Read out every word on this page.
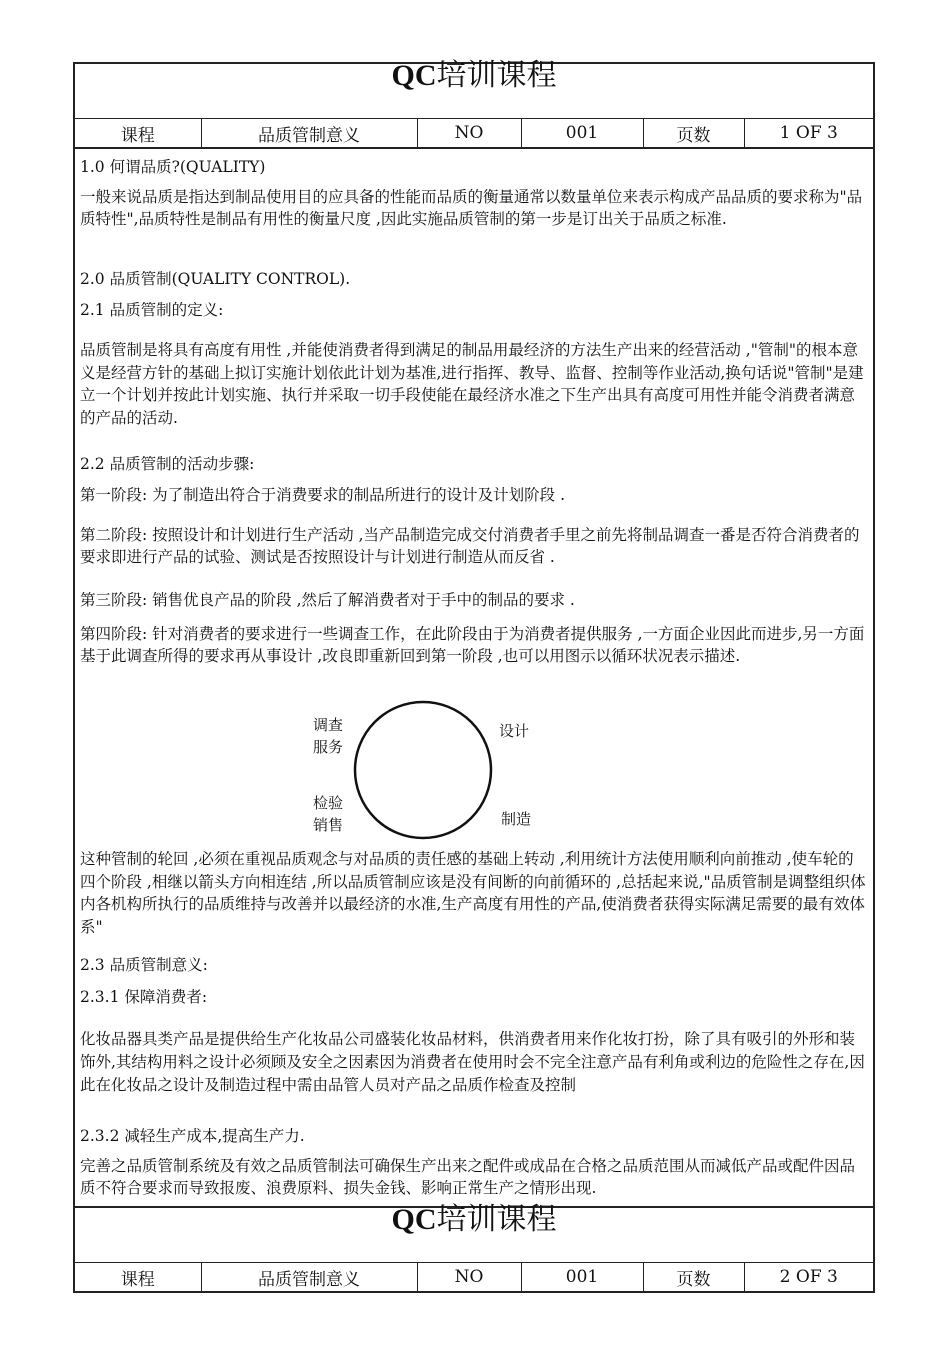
QC培训课程
课程	品质管制意义	NO	001	页数	1 OF 3

1.0 何谓品质?(QUALITY)

一般来说品质是指达到制品使用目的应具备的性能而品质的衡量通常以数量单位来表示构成产品品质的要求称为"品质特性",品质特性是制品有用性的衡量尺度 ,因此实施品质管制的第一步是订出关于品质之标准.

2.0 品质管制(QUALITY CONTROL).

2.1 品质管制的定义:

品质管制是将具有高度有用性 ,并能使消费者得到满足的制品用最经济的方法生产出来的经营活动 ,"管制"的根本意义是经营方针的基础上拟订实施计划依此计划为基准,进行指挥、教导、监督、控制等作业活动,换句话说"管制"是建立一个计划并按此计划实施、执行并采取一切手段使能在最经济水准之下生产出具有高度可用性并能令消费者满意的产品的活动.

2.2 品质管制的活动步骤:

第一阶段: 为了制造出符合于消费要求的制品所进行的设计及计划阶段 .

第二阶段: 按照设计和计划进行生产活动 ,当产品制造完成交付消费者手里之前先将制品调查一番是否符合消费者的要求即进行产品的试验、测试是否按照设计与计划进行制造从而反省 .

第三阶段: 销售优良产品的阶段 ,然后了解消费者对于手中的制品的要求 .

第四阶段: 针对消费者的要求进行一些调查工作，在此阶段由于为消费者提供服务 ,一方面企业因此而进步,另一方面基于此调查所得的要求再从事设计 ,改良即重新回到第一阶段 ,也可以用图示以循环状况表示描述.

调查
服务
设计
检验
销售	制造

这种管制的轮回 ,必须在重视品质观念与对品质的责任感的基础上转动 ,利用统计方法使用顺利向前推动 ,使车轮的四个阶段 ,相继以箭头方向相连结 ,所以品质管制应该是没有间断的向前循环的 ,总括起来说,"品质管制是调整组织体内各机构所执行的品质维持与改善并以最经济的水准,生产高度有用性的产品,使消费者获得实际满足需要的最有效体系"

2.3 品质管制意义:

2.3.1 保障消费者:

化妆品器具类产品是提供给生产化妆品公司盛装化妆品材料，供消费者用来作化妆打扮，除了具有吸引的外形和装饰外,其结构用料之设计必须顾及安全之因素因为消费者在使用时会不完全注意产品有利角或利边的危险性之存在,因此在化妆品之设计及制造过程中需由品管人员对产品之品质作检查及控制

2.3.2 减轻生产成本,提高生产力.

完善之品质管制系统及有效之品质管制法可确保生产出来之配件或成品在合格之品质范围从而减低产品或配件因品质不符合要求而导致报废、浪费原料、损失金钱、影响正常生产之情形出现.

QC培训课程
课程	品质管制意义	NO	001	页数	2 OF 3
